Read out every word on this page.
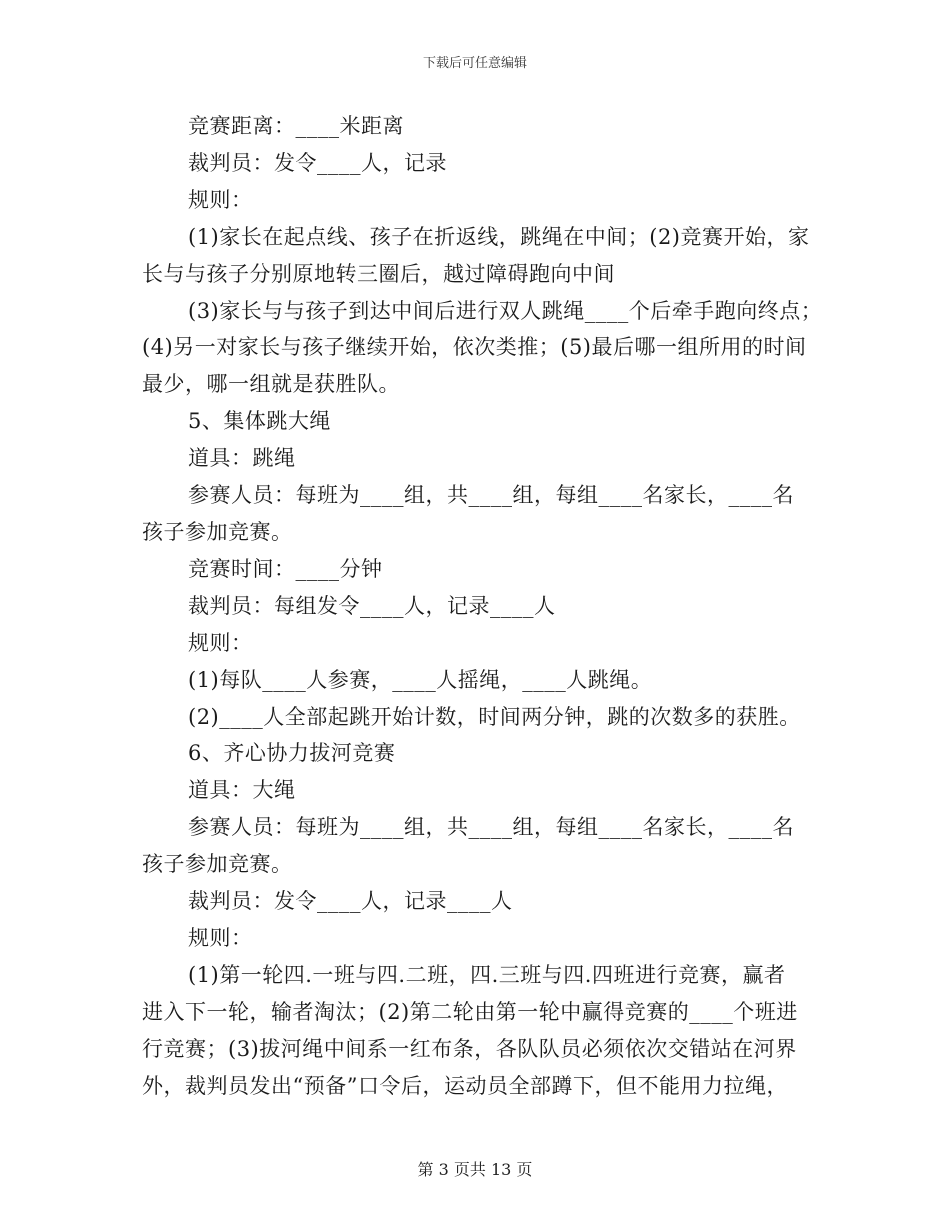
下载后可任意编辑
竞赛距离：____米距离
裁判员：发令____人，记录
规则：
(1)家长在起点线、孩子在折返线，跳绳在中间；(2)竞赛开始，家
长与与孩子分别原地转三圈后，越过障碍跑向中间
(3)家长与与孩子到达中间后进行双人跳绳____个后牵手跑向终点；
(4)另一对家长与孩子继续开始，依次类推；(5)最后哪一组所用的时间
最少，哪一组就是获胜队。
5、集体跳大绳
道具：跳绳
参赛人员：每班为____组，共____组，每组____名家长，____名
孩子参加竞赛。
竞赛时间：____分钟
裁判员：每组发令____人，记录____人
规则：
(1)每队____人参赛，____人摇绳，____人跳绳。
(2)____人全部起跳开始计数，时间两分钟，跳的次数多的获胜。
6、齐心协力拔河竞赛
道具：大绳
参赛人员：每班为____组，共____组，每组____名家长，____名
孩子参加竞赛。
裁判员：发令____人，记录____人
规则：
(1)第一轮四.一班与四.二班，四.三班与四.四班进行竞赛，赢者
进入下一轮，输者淘汰；(2)第二轮由第一轮中赢得竞赛的____个班进
行竞赛；(3)拔河绳中间系一红布条，各队队员必须依次交错站在河界
外，裁判员发出“预备”口令后，运动员全部蹲下，但不能用力拉绳，
第 3 页共 13 页
